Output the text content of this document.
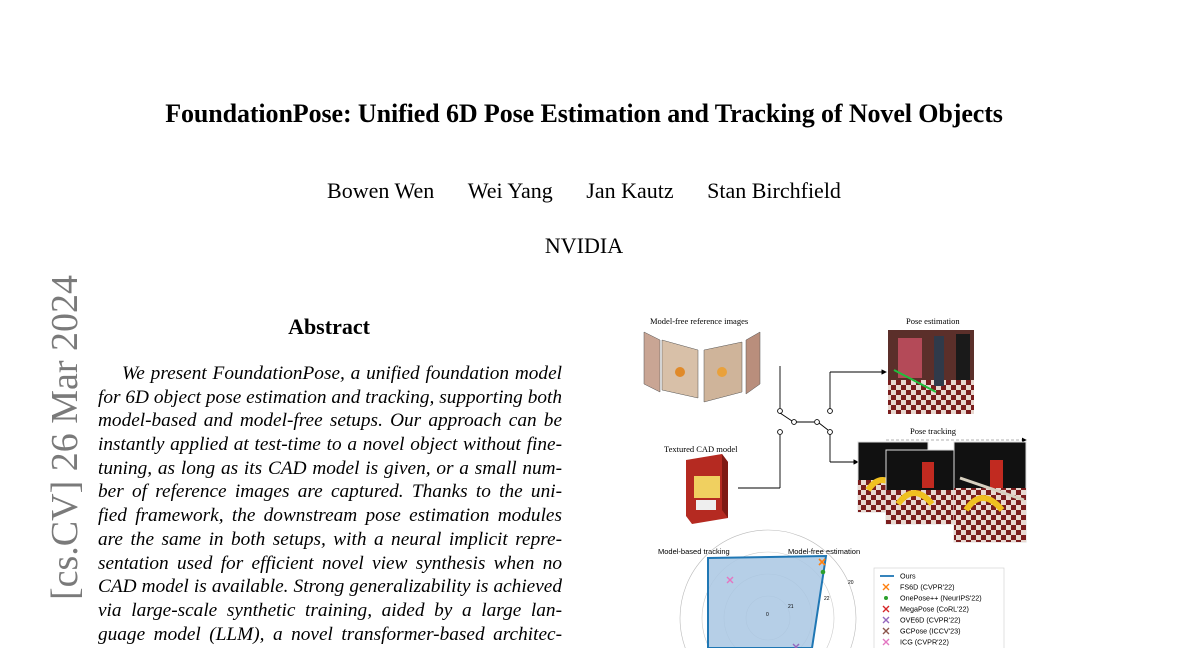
FoundationPose: Unified 6D Pose Estimation and Tracking of Novel Objects
Bowen Wen Wei Yang Jan Kautz Stan Birchfield
NVIDIA
[cs.CV] 26 Mar 2024	Abstract
We present FoundationPose, a unified foundation model
for 6D object pose estimation and tracking, supporting both
model-based and model-free setups. Our approach can be
instantly applied at test-time to a novel object without fine-
tuning, as long as its CAD model is given, or a small num-
ber of reference images are captured. Thanks to the uni-
fied framework, the downstream pose estimation modules
are the same in both setups, with a neural implicit repre-
sentation used for efficient novel view synthesis when no
CAD model is available. Strong generalizability is achieved
via large-scale synthetic training, aided by a large lan-
guage model (LLM), a novel transformer-based architec-
Model-free reference images	Pose estimation
Textured CAD model
Pose tracking
Model-based tracking	Model-free estimation
20
22
21
0
Ours
FS6D (CVPR'22)
OnePose++ (NeurIPS'22)
MegaPose (CoRL'22)
OVE6D (CVPR'22)
GCPose (ICCV'23)
ICG (CVPR'22)
